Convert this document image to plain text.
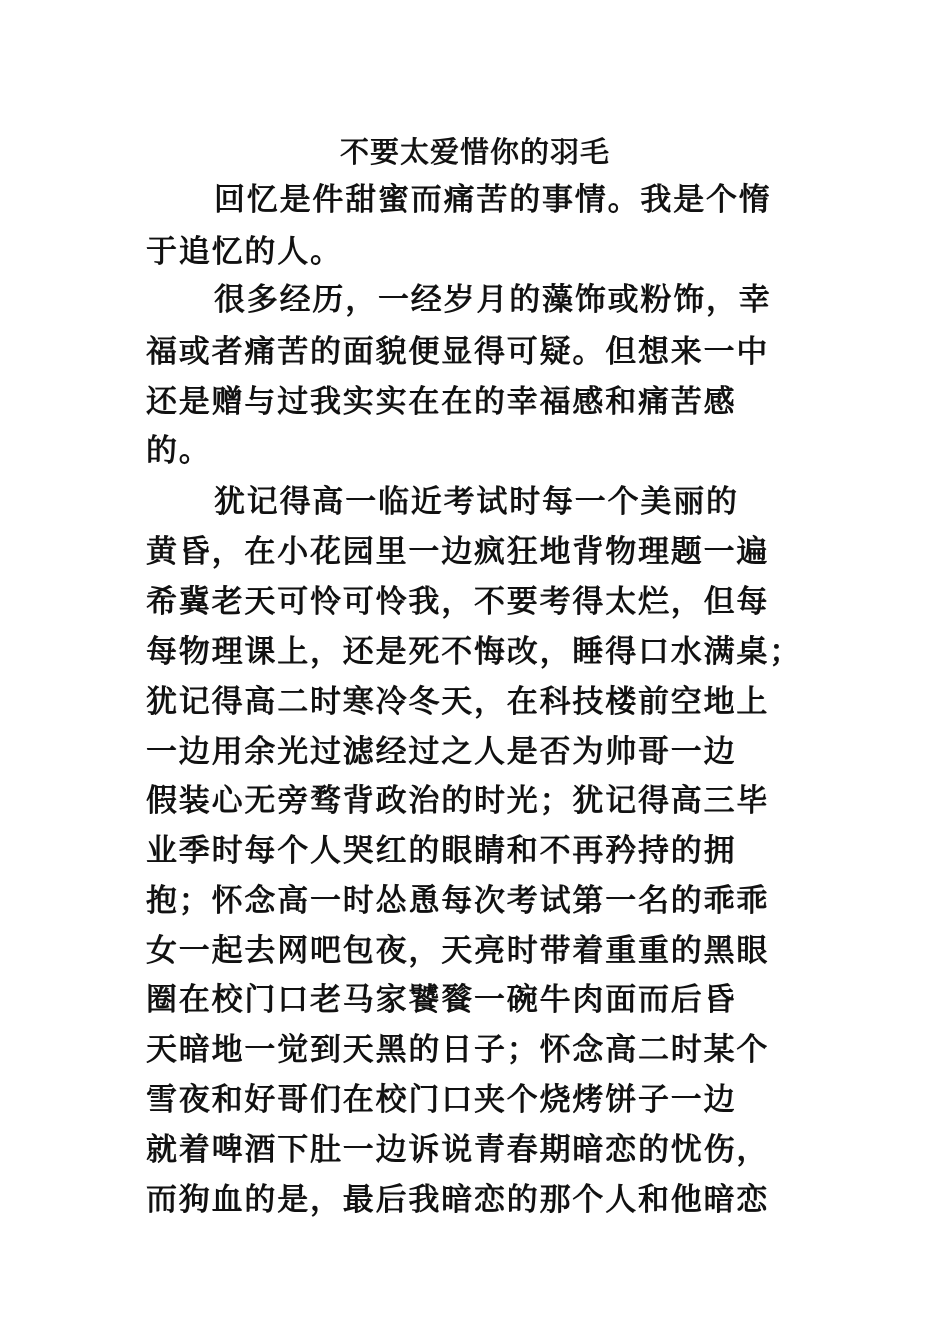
不要太爱惜你的羽毛
回忆是件甜蜜而痛苦的事情。我是个惰
于追忆的人。
很多经历，一经岁月的藻饰或粉饰，幸
福或者痛苦的面貌便显得可疑。但想来一中
还是赠与过我实实在在的幸福感和痛苦感
的。
犹记得高一临近考试时每一个美丽的
黄昏，在小花园里一边疯狂地背物理题一遍
希冀老天可怜可怜我，不要考得太烂，但每
每物理课上，还是死不悔改，睡得口水满桌；
犹记得高二时寒冷冬天，在科技楼前空地上
一边用余光过滤经过之人是否为帅哥一边
假装心无旁骛背政治的时光；犹记得高三毕
业季时每个人哭红的眼睛和不再矜持的拥
抱；怀念高一时怂恿每次考试第一名的乖乖
女一起去网吧包夜，天亮时带着重重的黑眼
圈在校门口老马家饕餮一碗牛肉面而后昏
天暗地一觉到天黑的日子；怀念高二时某个
雪夜和好哥们在校门口夹个烧烤饼子一边
就着啤酒下肚一边诉说青春期暗恋的忧伤，
而狗血的是，最后我暗恋的那个人和他暗恋
